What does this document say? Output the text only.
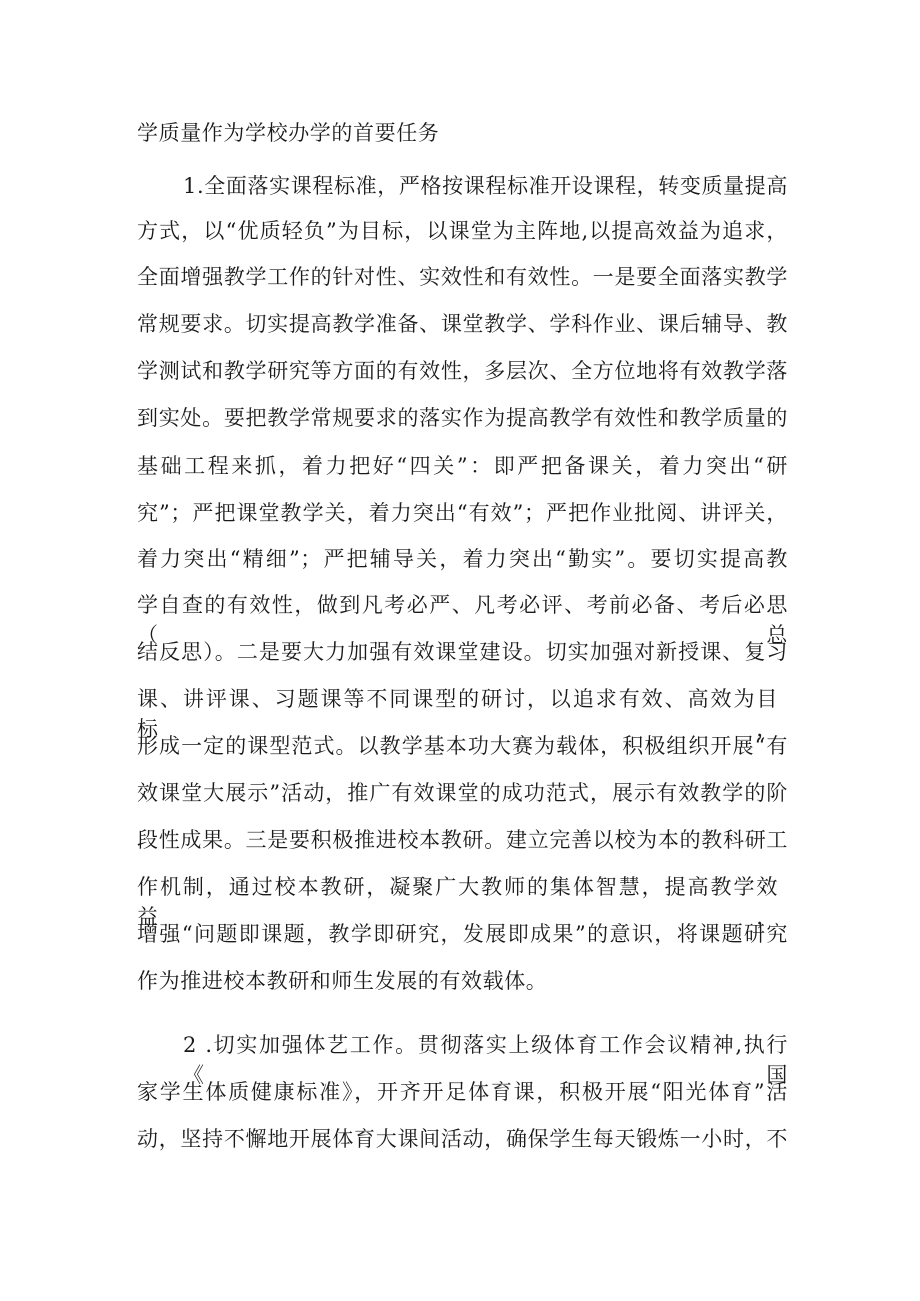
学质量作为学校办学的首要任务
1.全面落实课程标准，严格按课程标准开设课程，转变质量提高
方式，以“优质轻负”为目标，以课堂为主阵地,以提高效益为追求，
全面增强教学工作的针对性、实效性和有效性。一是要全面落实教学
常规要求。切实提高教学准备、课堂教学、学科作业、课后辅导、教
学测试和教学研究等方面的有效性，多层次、全方位地将有效教学落
到实处。要把教学常规要求的落实作为提高教学有效性和教学质量的
基础工程来抓，着力把好“四关”：即严把备课关，着力突出“研
究”；严把课堂教学关，着力突出“有效”；严把作业批阅、讲评关，
着力突出“精细”；严把辅导关，着力突出“勤实”。要切实提高教
学自查的有效性，做到凡考必严、凡考必评、考前必备、考后必思（总
结反思）。二是要大力加强有效课堂建设。切实加强对新授课、复习
课、讲评课、习题课等不同课型的研讨，以追求有效、高效为目标，
形成一定的课型范式。以教学基本功大赛为载体，积极组织开展“有
效课堂大展示”活动，推广有效课堂的成功范式，展示有效教学的阶
段性成果。三是要积极推进校本教研。建立完善以校为本的教科研工
作机制，通过校本教研，凝聚广大教师的集体智慧，提高教学效益，
增强“问题即课题，教学即研究，发展即成果”的意识，将课题研究
作为推进校本教研和师生发展的有效载体。
2 .切实加强体艺工作。贯彻落实上级体育工作会议精神,执行《国
家学生体质健康标准》，开齐开足体育课，积极开展“阳光体育”活
动，坚持不懈地开展体育大课间活动，确保学生每天锻炼一小时，不
